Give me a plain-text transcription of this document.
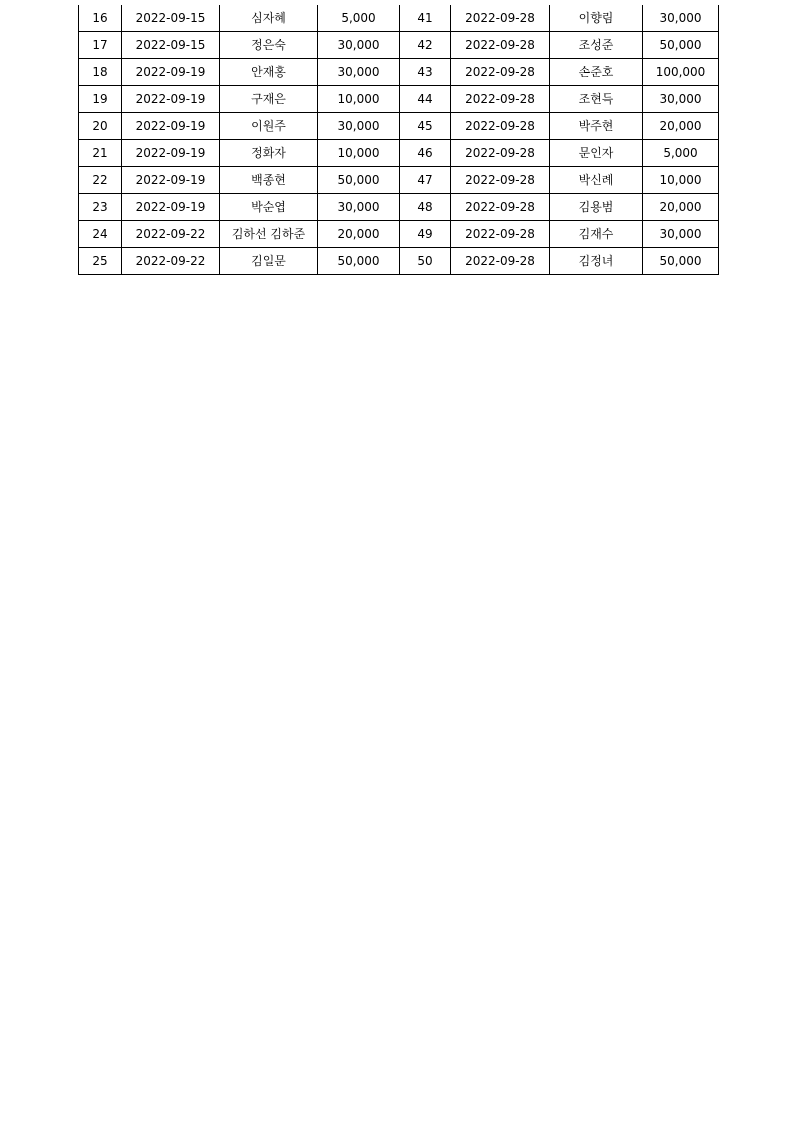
16	2022-09-15	심자혜	5,000	41	2022-09-28	이향림	30,000
17	2022-09-15	정은숙	30,000	42	2022-09-28	조성준	50,000
18	2022-09-19	안재홍	30,000	43	2022-09-28	손준호	100,000
19	2022-09-19	구재은	10,000	44	2022-09-28	조현득	30,000
20	2022-09-19	이원주	30,000	45	2022-09-28	박주현	20,000
21	2022-09-19	정화자	10,000	46	2022-09-28	문인자	5,000
22	2022-09-19	백종현	50,000	47	2022-09-28	박신례	10,000
23	2022-09-19	박순엽	30,000	48	2022-09-28	김용범	20,000
24	2022-09-22	김하선 김하준	20,000	49	2022-09-28	김재수	30,000
25	2022-09-22	김일문	50,000	50	2022-09-28	김정녀	50,000
